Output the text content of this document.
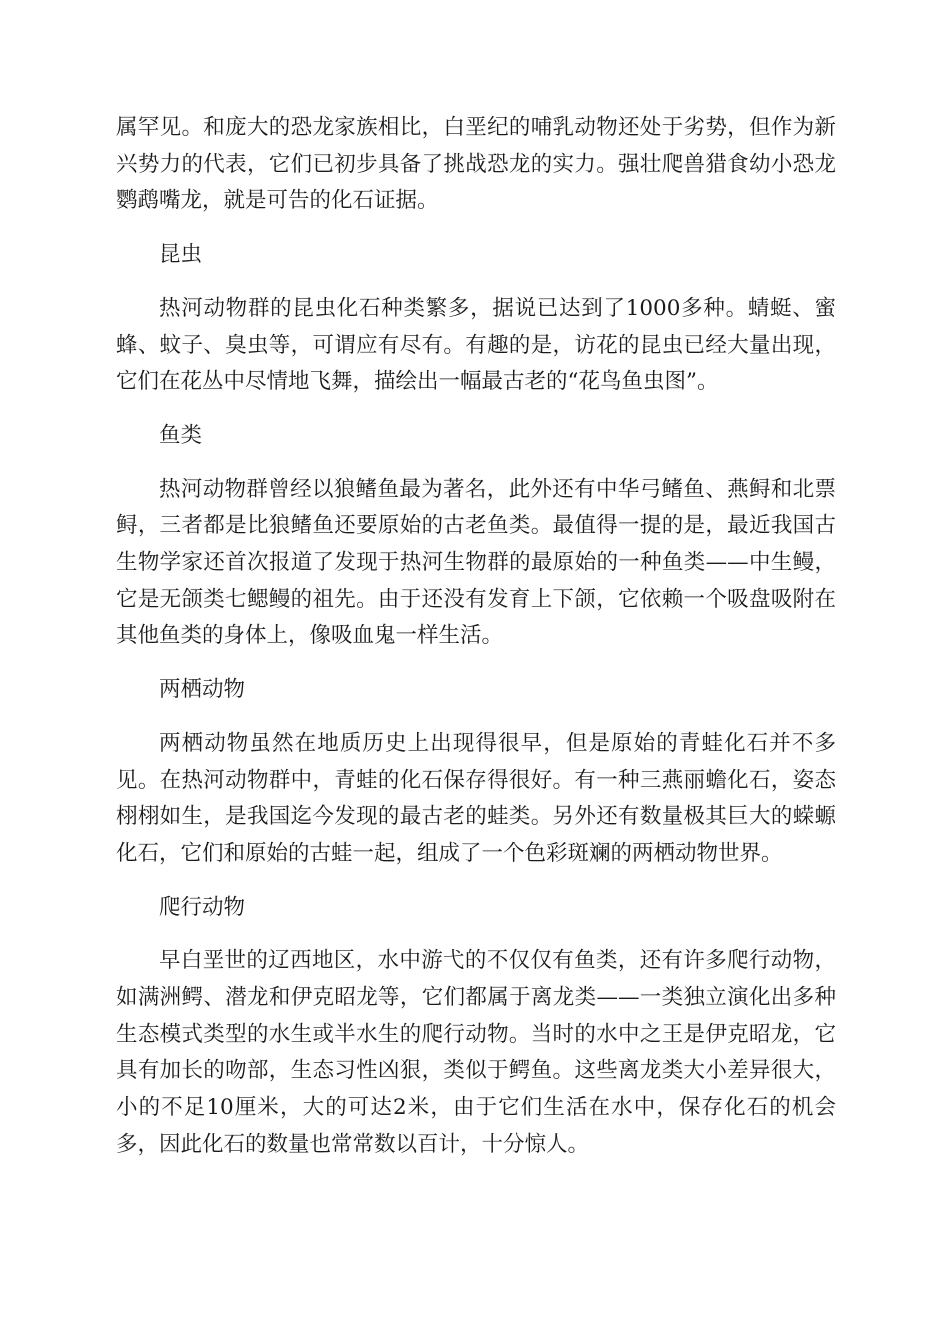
属罕见。和庞大的恐龙家族相比，白垩纪的哺乳动物还处于劣势，但作为新兴势力的代表，它们已初步具备了挑战恐龙的实力。强壮爬兽猎食幼小恐龙鹦鹉嘴龙，就是可告的化石证据。

昆虫

热河动物群的昆虫化石种类繁多，据说已达到了1000多种。蜻蜓、蜜蜂、蚊子、臭虫等，可谓应有尽有。有趣的是，访花的昆虫已经大量出现，它们在花丛中尽情地飞舞，描绘出一幅最古老的“花鸟鱼虫图”。

鱼类

热河动物群曾经以狼鳍鱼最为著名，此外还有中华弓鳍鱼、燕鲟和北票鲟，三者都是比狼鳍鱼还要原始的古老鱼类。最值得一提的是，最近我国古生物学家还首次报道了发现于热河生物群的最原始的一种鱼类——中生鳗，它是无颌类七鳃鳗的祖先。由于还没有发育上下颌，它依赖一个吸盘吸附在其他鱼类的身体上，像吸血鬼一样生活。

两栖动物

两栖动物虽然在地质历史上出现得很早，但是原始的青蛙化石并不多见。在热河动物群中，青蛙的化石保存得很好。有一种三燕丽蟾化石，姿态栩栩如生，是我国迄今发现的最古老的蛙类。另外还有数量极其巨大的蝾螈化石，它们和原始的古蛙一起，组成了一个色彩斑斓的两栖动物世界。

爬行动物

早白垩世的辽西地区，水中游弋的不仅仅有鱼类，还有许多爬行动物，如满洲鳄、潜龙和伊克昭龙等，它们都属于离龙类——一类独立演化出多种生态模式类型的水生或半水生的爬行动物。当时的水中之王是伊克昭龙，它具有加长的吻部，生态习性凶狠，类似于鳄鱼。这些离龙类大小差异很大，小的不足10厘米，大的可达2米，由于它们生活在水中，保存化石的机会多，因此化石的数量也常常数以百计，十分惊人。
